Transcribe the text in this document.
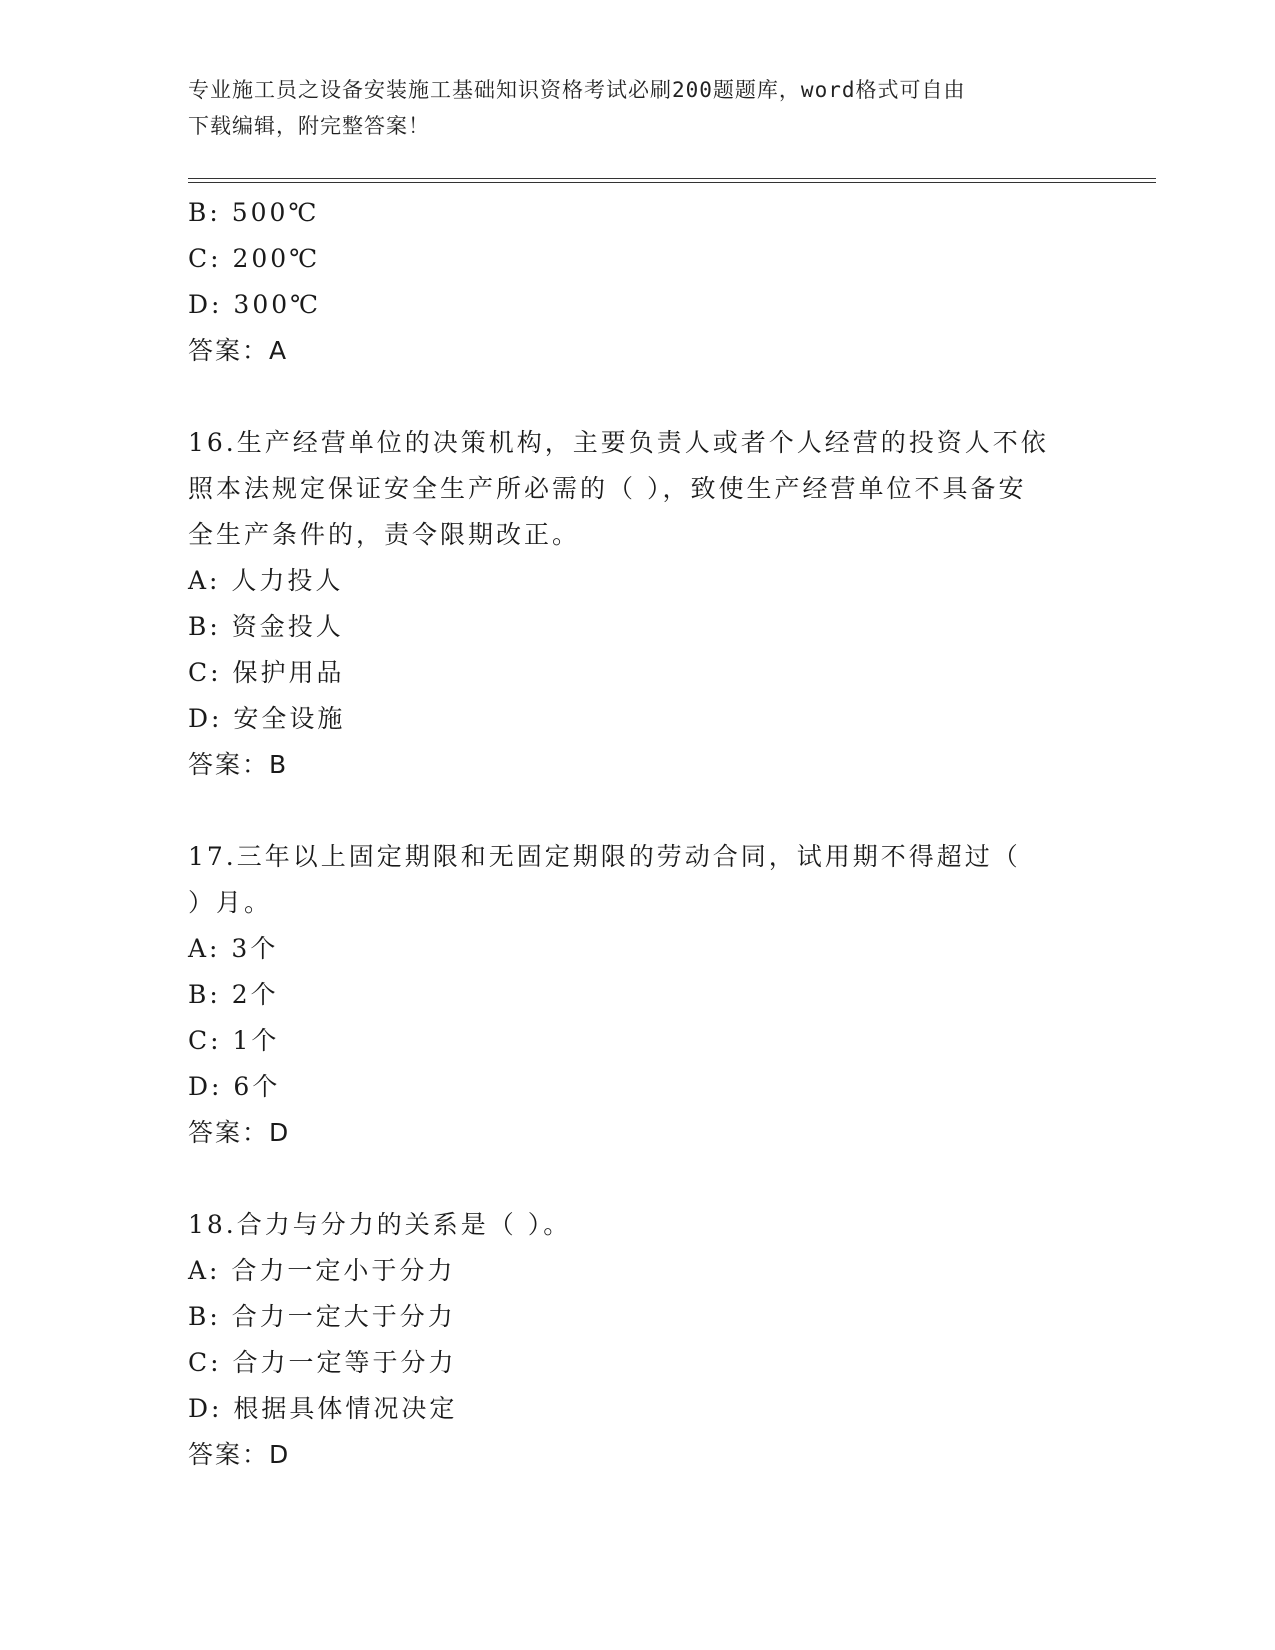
专业施工员之设备安装施工基础知识资格考试必刷200题题库，word格式可自由
下载编辑，附完整答案！
B: 500℃
C: 200℃
D: 300℃
答案：A
16.生产经营单位的决策机构，主要负责人或者个人经营的投资人不依
照本法规定保证安全生产所必需的（ ），致使生产经营单位不具备安
全生产条件的，责令限期改正。
A: 人力投人
B: 资金投人
C: 保护用品
D: 安全设施
答案：B
17.三年以上固定期限和无固定期限的劳动合同，试用期不得超过（
）月。
A: 3个
B: 2个
C: 1个
D: 6个
答案：D
18.合力与分力的关系是（ ）。
A: 合力一定小于分力
B: 合力一定大于分力
C: 合力一定等于分力
D: 根据具体情况决定
答案：D
